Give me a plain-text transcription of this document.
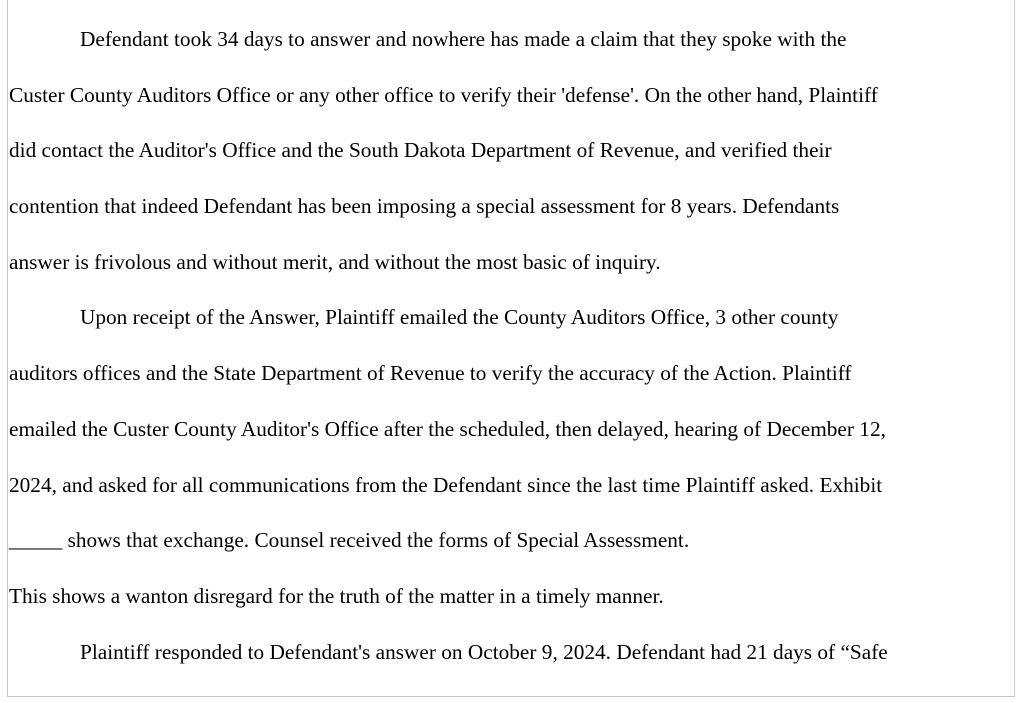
Defendant took 34 days to answer and nowhere has made a claim that they spoke with the
Custer County Auditors Office or any other office to verify their 'defense'. On the other hand, Plaintiff
did contact the Auditor's Office and the South Dakota Department of Revenue, and verified their
contention that indeed Defendant has been imposing a special assessment for 8 years. Defendants
answer is frivolous and without merit, and without the most basic of inquiry.
Upon receipt of the Answer, Plaintiff emailed the County Auditors Office, 3 other county
auditors offices and the State Department of Revenue to verify the accuracy of the Action. Plaintiff
emailed the Custer County Auditor's Office after the scheduled, then delayed, hearing of December 12,
2024, and asked for all communications from the Defendant since the last time Plaintiff asked. Exhibit
_____ shows that exchange. Counsel received the forms of Special Assessment.
This shows a wanton disregard for the truth of the matter in a timely manner.
Plaintiff responded to Defendant's answer on October 9, 2024. Defendant had 21 days of “Safe
